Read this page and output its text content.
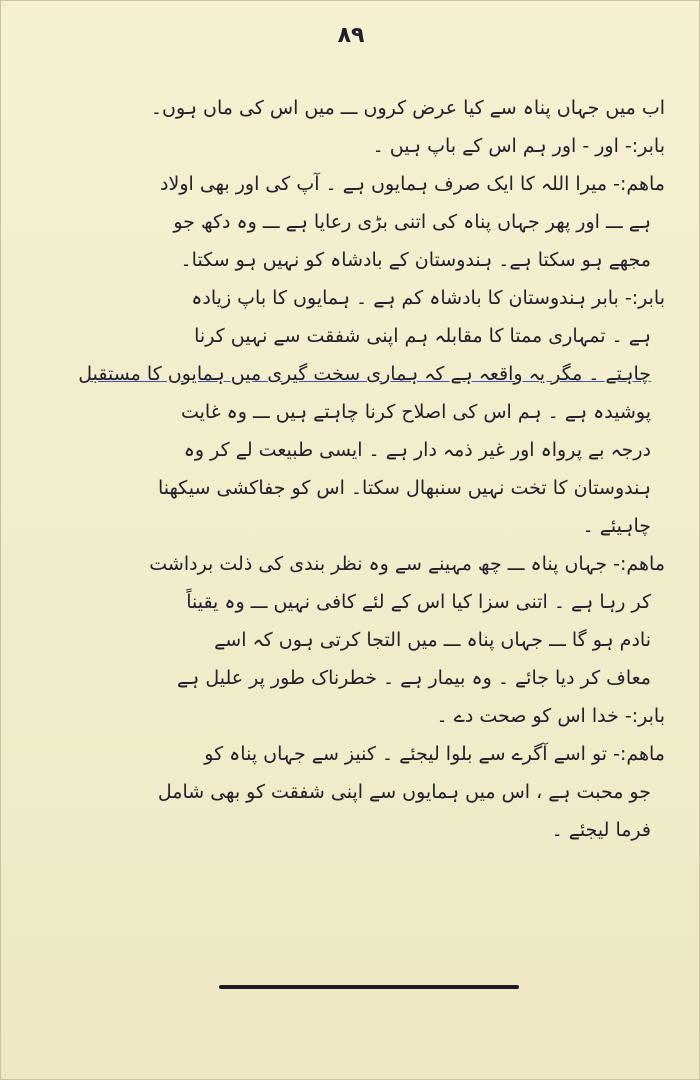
۸۹
اب میں جہاں پناہ سے کیا عرض کروں ـــ میں اس کی ماں ہوں۔
بابر:- اور - اور ہم اس کے باپ ہیں ۔
ماھم:- میرا اللہ کا ایک صرف ہمایوں ہے ۔ آپ کی اور بھی اولاد
ہے ـــ اور پھر جہاں پناہ کی اتنی بڑی رعایا ہے ـــ وہ دکھ جو
مجھے ہو سکتا ہے۔ ہندوستان کے بادشاہ کو نہیں ہو سکتا۔
بابر:- بابر ہندوستان کا بادشاہ کم ہے ۔ ہمایوں کا باپ زیادہ
ہے ۔ تمہاری ممتا کا مقابلہ ہم اپنی شفقت سے نہیں کرنا
چاہتے ۔ مگر یہ واقعہ ہے کہ ہماری سخت گیری میں ہمایوں کا مستقبل
پوشیدہ ہے ۔ ہم اس کی اصلاح کرنا چاہتے ہیں ـــ وہ غایت
درجہ بے پرواہ اور غیر ذمہ دار ہے ۔ ایسی طبیعت لے کر وہ
ہندوستان کا تخت نہیں سنبھال سکتا۔ اس کو جفاکشی سیکھنا
چاہیئے ۔
ماھم:- جہاں پناہ ـــ چھ مہینے سے وہ نظر بندی کی ذلت برداشت
کر رہا ہے ۔ اتنی سزا کیا اس کے لئے کافی نہیں ـــ وہ یقیناً
نادم ہو گا ـــ جہاں پناہ ـــ میں التجا کرتی ہوں کہ اسے
معاف کر دیا جائے ۔ وہ بیمار ہے ۔ خطرناک طور پر علیل ہے
بابر:- خدا اس کو صحت دے ۔
ماھم:- تو اسے آگرے سے بلوا لیجئے ۔ کنیز سے جہاں پناہ کو
جو محبت ہے ، اس میں ہمایوں سے اپنی شفقت کو بھی شامل
فرما لیجئے ۔
